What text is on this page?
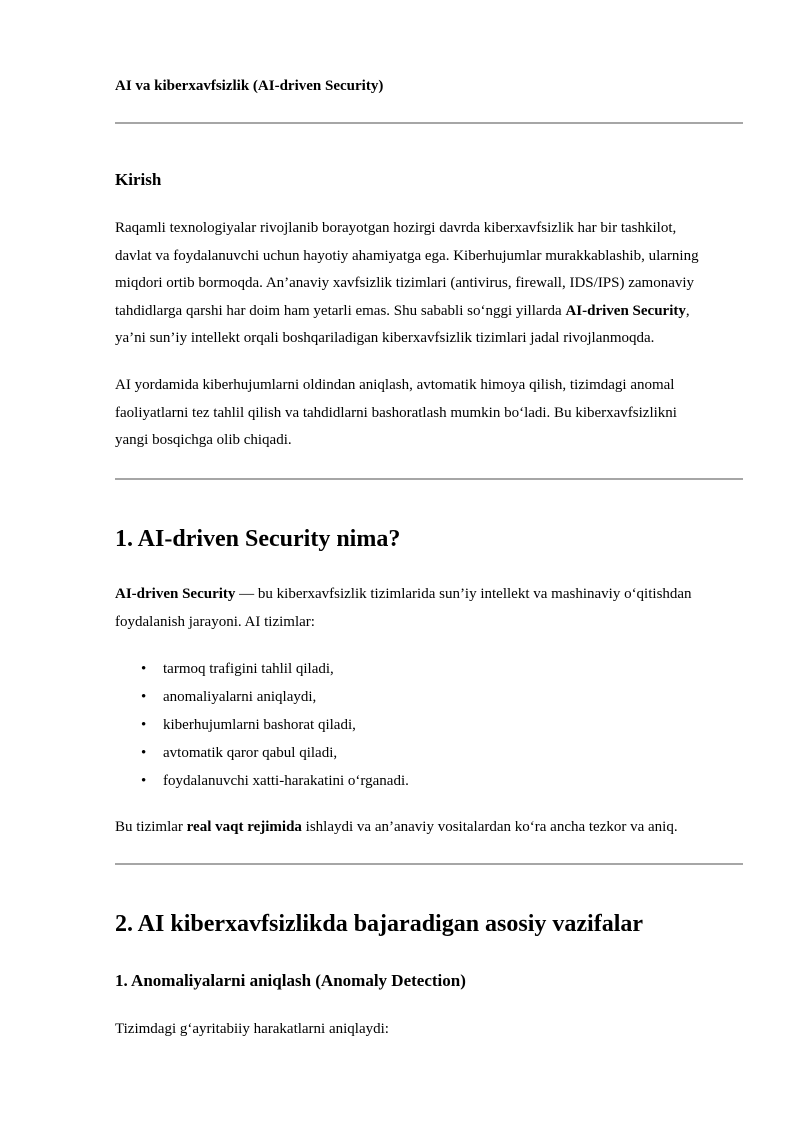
AI va kiberxavfsizlik (AI-driven Security)
Kirish

Raqamli texnologiyalar rivojlanib borayotgan hozirgi davrda kiberxavfsizlik har bir tashkilot,
davlat va foydalanuvchi uchun hayotiy ahamiyatga ega. Kiberhujumlar murakkablashib, ularning
miqdori ortib bormoqda. An’anaviy xavfsizlik tizimlari (antivirus, firewall, IDS/IPS) zamonaviy
tahdidlarga qarshi har doim ham yetarli emas. Shu sababli so‘nggi yillarda AI-driven Security,
ya’ni sun’iy intellekt orqali boshqariladigan kiberxavfsizlik tizimlari jadal rivojlanmoqda.

AI yordamida kiberhujumlarni oldindan aniqlash, avtomatik himoya qilish, tizimdagi anomal
faoliyatlarni tez tahlil qilish va tahdidlarni bashoratlash mumkin bo‘ladi. Bu kiberxavfsizlikni
yangi bosqichga olib chiqadi.

1. AI-driven Security nima?

AI-driven Security — bu kiberxavfsizlik tizimlarida sun’iy intellekt va mashinaviy o‘qitishdan
foydalanish jarayoni. AI tizimlar:

• tarmoq trafigini tahlil qiladi,
• anomaliyalarni aniqlaydi,
• kiberhujumlarni bashorat qiladi,
• avtomatik qaror qabul qiladi,
• foydalanuvchi xatti-harakatini o‘rganadi.

Bu tizimlar real vaqt rejimida ishlaydi va an’anaviy vositalardan ko‘ra ancha tezkor va aniq.

2. AI kiberxavfsizlikda bajaradigan asosiy vazifalar
1. Anomaliyalarni aniqlash (Anomaly Detection)

Tizimdagi g‘ayritabiiy harakatlarni aniqlaydi:
